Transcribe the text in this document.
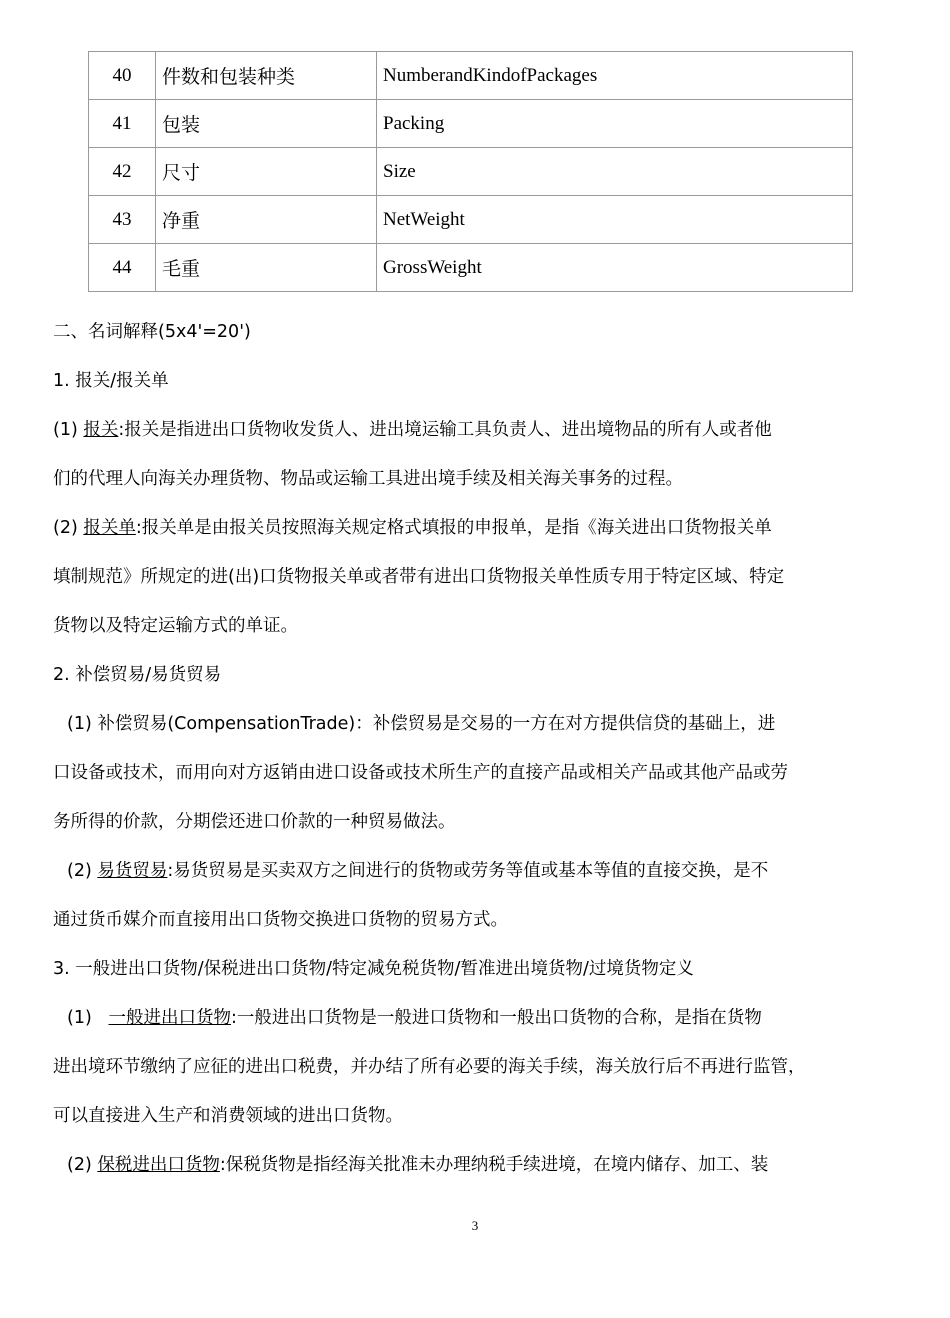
40	件数和包装种类	NumberandKindofPackages
41	包装	Packing
42	尺寸	Size
43	净重	NetWeight
44	毛重	GrossWeight
二、名词解释(5x4'=20')
1. 报关/报关单
(1) 报关:报关是指进出口货物收发货人、进出境运输工具负责人、进出境物品的所有人或者他
们的代理人向海关办理货物、物品或运输工具进出境手续及相关海关事务的过程。
(2) 报关单:报关单是由报关员按照海关规定格式填报的申报单，是指《海关进出口货物报关单
填制规范》所规定的进(出)口货物报关单或者带有进出口货物报关单性质专用于特定区域、特定
货物以及特定运输方式的单证。
2. 补偿贸易/易货贸易
(1) 补偿贸易(CompensationTrade)：补偿贸易是交易的一方在对方提供信贷的基础上，进
口设备或技术，而用向对方返销由进口设备或技术所生产的直接产品或相关产品或其他产品或劳
务所得的价款，分期偿还进口价款的一种贸易做法。
(2) 易货贸易:易货贸易是买卖双方之间进行的货物或劳务等值或基本等值的直接交换，是不
通过货币媒介而直接用出口货物交换进口货物的贸易方式。
3. 一般进出口货物/保税进出口货物/特定减免税货物/暂准进出境货物/过境货物定义
(1)   一般进出口货物:一般进出口货物是一般进口货物和一般出口货物的合称，是指在货物
进出境环节缴纳了应征的进出口税费，并办结了所有必要的海关手续，海关放行后不再进行监管，
可以直接进入生产和消费领域的进出口货物。
(2) 保税进出口货物:保税货物是指经海关批准未办理纳税手续进境，在境内储存、加工、装
3
